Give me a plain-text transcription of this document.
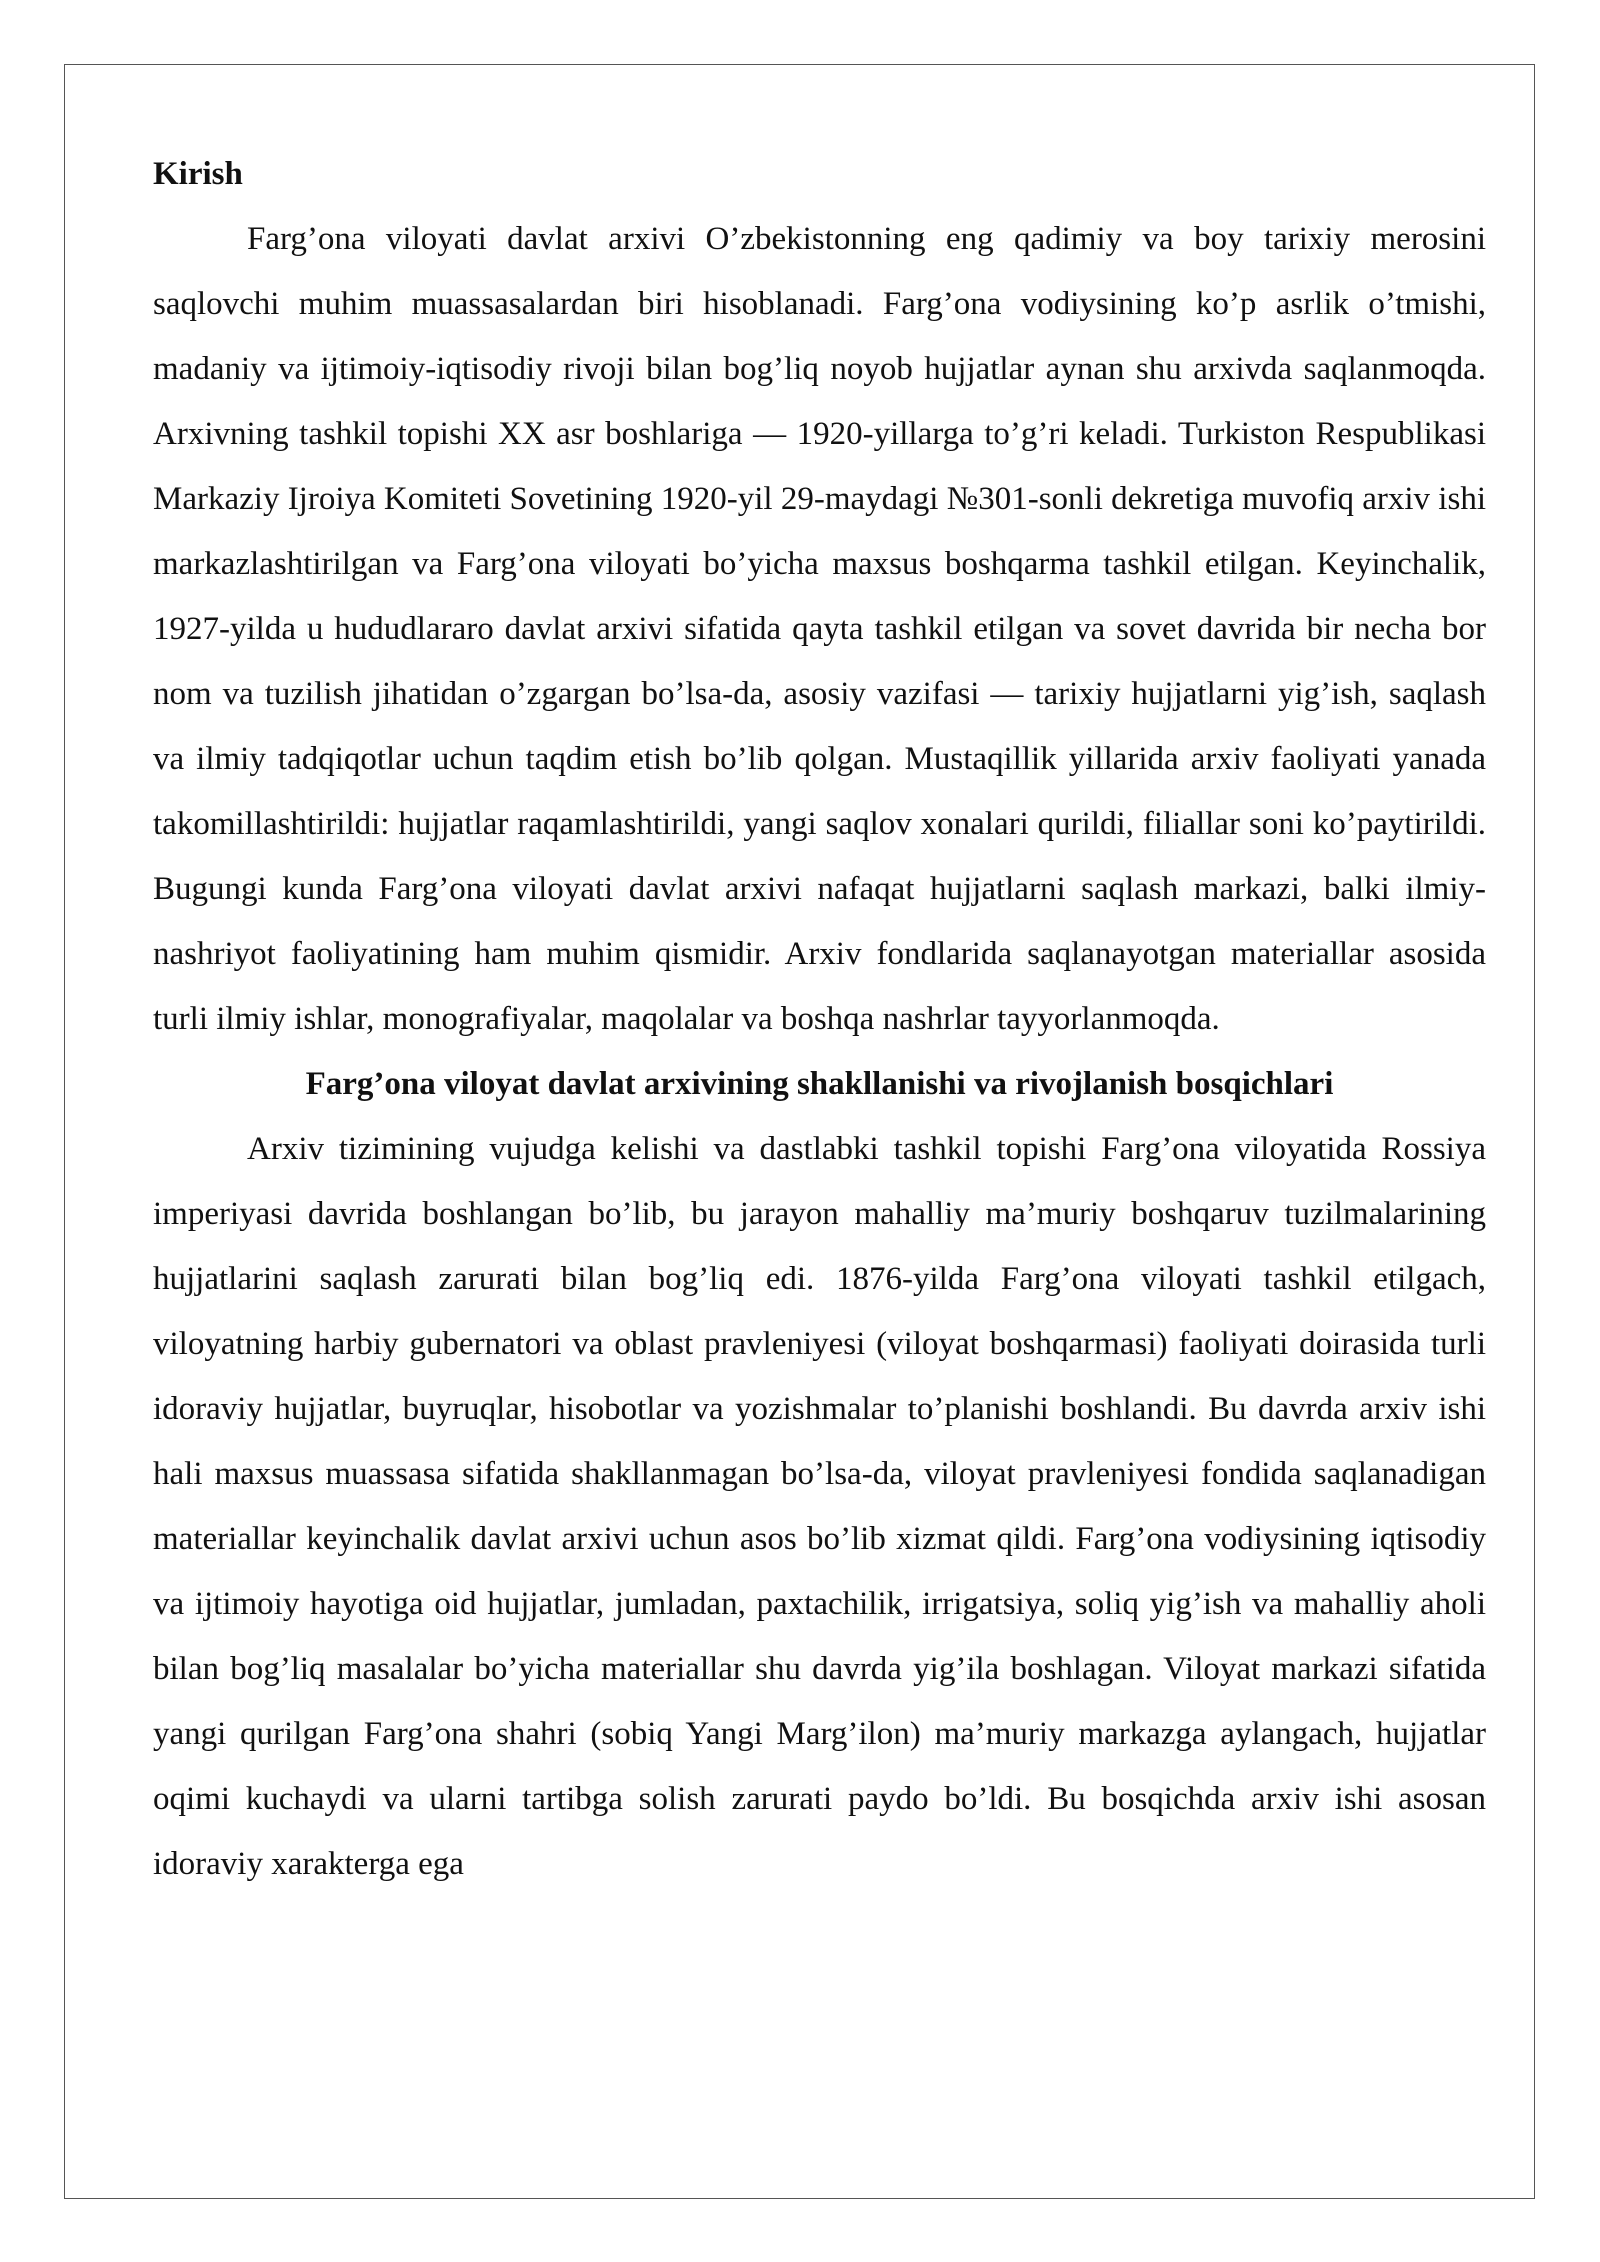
Kirish

Farg’ona viloyati davlat arxivi O’zbekistonning eng qadimiy va boy tarixiy merosini saqlovchi muhim muassasalardan biri hisoblanadi. Farg’ona vodiysining ko’p asrlik o’tmishi, madaniy va ijtimoiy-iqtisodiy rivoji bilan bog’liq noyob hujjatlar aynan shu arxivda saqlanmoqda. Arxivning tashkil topishi XX asr boshlariga — 1920-yillarga to’g’ri keladi. Turkiston Respublikasi Markaziy Ijroiya Komiteti Sovetining 1920-yil 29-maydagi №301-sonli dekretiga muvofiq arxiv ishi markazlashtirilgan va Farg’ona viloyati bo’yicha maxsus boshqarma tashkil etilgan. Keyinchalik, 1927-yilda u hududlararo davlat arxivi sifatida qayta tashkil etilgan va sovet davrida bir necha bor nom va tuzilish jihatidan o’zgargan bo’lsa-da, asosiy vazifasi — tarixiy hujjatlarni yig’ish, saqlash va ilmiy tadqiqotlar uchun taqdim etish bo’lib qolgan. Mustaqillik yillarida arxiv faoliyati yanada takomillashtirildi: hujjatlar raqamlashtirildi, yangi saqlov xonalari qurildi, filiallar soni ko’paytirildi. Bugungi kunda Farg’ona viloyati davlat arxivi nafaqat hujjatlarni saqlash markazi, balki ilmiy-nashriyot faoliyatining ham muhim qismidir. Arxiv fondlarida saqlanayotgan materiallar asosida turli ilmiy ishlar, monografiyalar, maqolalar va boshqa nashrlar tayyorlanmoqda.

Farg’ona viloyat davlat arxivining shakllanishi va rivojlanish bosqichlari

Arxiv tizimining vujudga kelishi va dastlabki tashkil topishi Farg’ona viloyatida Rossiya imperiyasi davrida boshlangan bo’lib, bu jarayon mahalliy ma’muriy boshqaruv tuzilmalarining hujjatlarini saqlash zarurati bilan bog’liq edi. 1876-yilda Farg’ona viloyati tashkil etilgach, viloyatning harbiy gubernatori va oblast pravleniyesi (viloyat boshqarmasi) faoliyati doirasida turli idoraviy hujjatlar, buyruqlar, hisobotlar va yozishmalar to’planishi boshlandi. Bu davrda arxiv ishi hali maxsus muassasa sifatida shakllanmagan bo’lsa-da, viloyat pravleniyesi fondida saqlanadigan materiallar keyinchalik davlat arxivi uchun asos bo’lib xizmat qildi. Farg’ona vodiysining iqtisodiy va ijtimoiy hayotiga oid hujjatlar, jumladan, paxtachilik, irrigatsiya, soliq yig’ish va mahalliy aholi bilan bog’liq masalalar bo’yicha materiallar shu davrda yig’ila boshlagan. Viloyat markazi sifatida yangi qurilgan Farg’ona shahri (sobiq Yangi Marg’ilon) ma’muriy markazga aylangach, hujjatlar oqimi kuchaydi va ularni tartibga solish zarurati paydo bo’ldi. Bu bosqichda arxiv ishi asosan idoraviy xarakterga ega
